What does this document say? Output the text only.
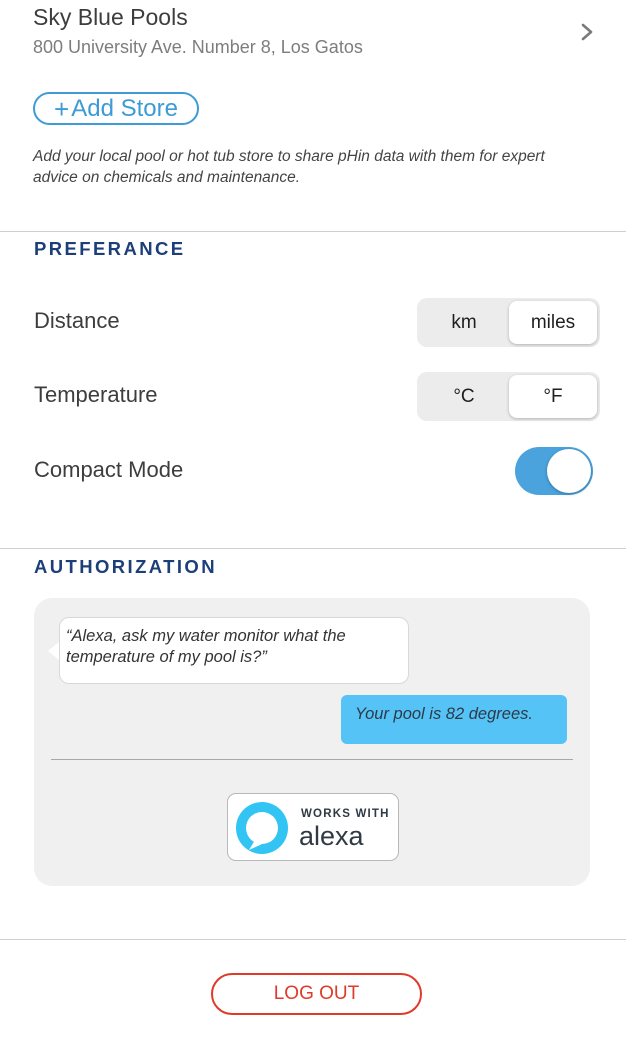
Sky Blue Pools
800 University Ave. Number 8, Los Gatos
+ Add Store
Add your local pool or hot tub store to share pHin data with them for expert advice on chemicals and maintenance.
PREFERANCE
Distance	km	miles
Temperature	°C	°F
Compact Mode
AUTHORIZATION
“Alexa, ask my water monitor what the temperature of my pool is?”
Your pool is 82 degrees.
WORKS WITH
alexa
LOG OUT
